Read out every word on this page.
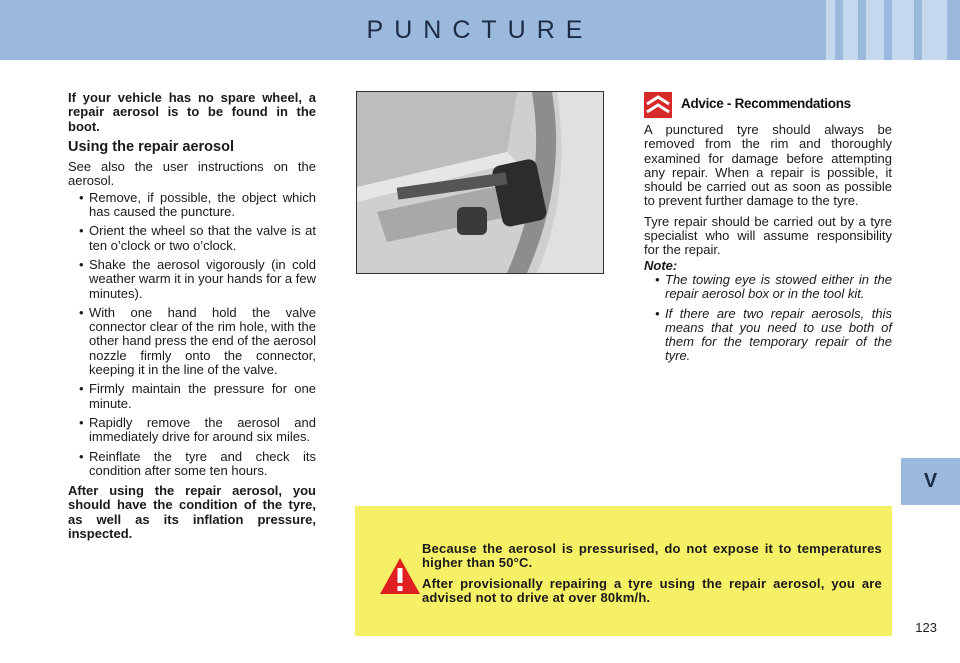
PUNCTURE
V

If your vehicle has no spare wheel, a repair aerosol is to be found in the boot.

Using the repair aerosol

See also the user instructions on the aerosol.

• Remove, if possible, the object which has caused the puncture.
• Orient the wheel so that the valve is at ten o’clock or two o’clock.
• Shake the aerosol vigorously (in cold weather warm it in your hands for a few minutes).
• With one hand hold the valve connector clear of the rim hole, with the other hand press the end of the aerosol nozzle firmly onto the connector, keeping it in the line of the valve.
• Firmly maintain the pressure for one minute.
• Rapidly remove the aerosol and immediately drive for around six miles.
• Reinflate the tyre and check its condition after some ten hours.

After using the repair aerosol, you should have the condition of the tyre, as well as its inflation pressure, inspected.

Advice - Recommendations

A punctured tyre should always be removed from the rim and thoroughly examined for damage before attempting any repair. When a repair is possible, it should be carried out as soon as possible to prevent further damage to the tyre.

Tyre repair should be carried out by a tyre specialist who will assume responsibility for the repair.

Note:

• The towing eye is stowed either in the repair aerosol box or in the tool kit.
• If there are two repair aerosols, this means that you need to use both of them for the temporary repair of the tyre.

Because the aerosol is pressurised, do not expose it to temperatures higher than 50°C.

After provisionally repairing a tyre using the repair aerosol, you are advised not to drive at over 80km/h.

123
